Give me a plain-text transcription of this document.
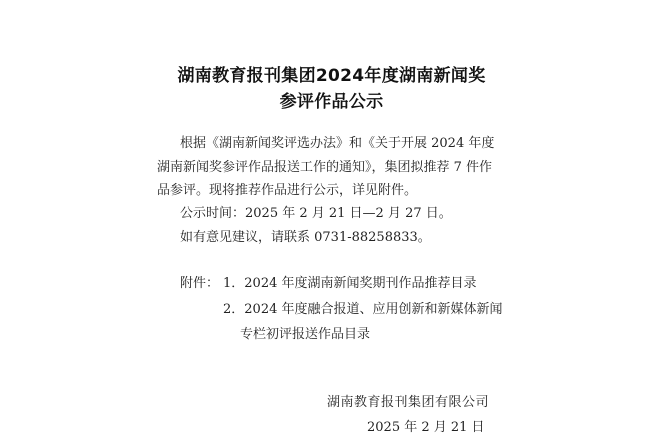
湖南教育报刊集团2024年度湖南新闻奖
参评作品公示
根据《湖南新闻奖评选办法》和《关于开展 2024 年度
湖南新闻奖参评作品报送工作的通知》，集团拟推荐 7 件作
品参评。现将推荐作品进行公示，详见附件。
公示时间：2025 年 2 月 21 日—2 月 27 日。
如有意见建议，请联系 0731-88258833。
附件： 1．2024 年度湖南新闻奖期刊作品推荐目录
2．2024 年度融合报道、应用创新和新媒体新闻
专栏初评报送作品目录
湖南教育报刊集团有限公司
2025 年 2 月 21 日
